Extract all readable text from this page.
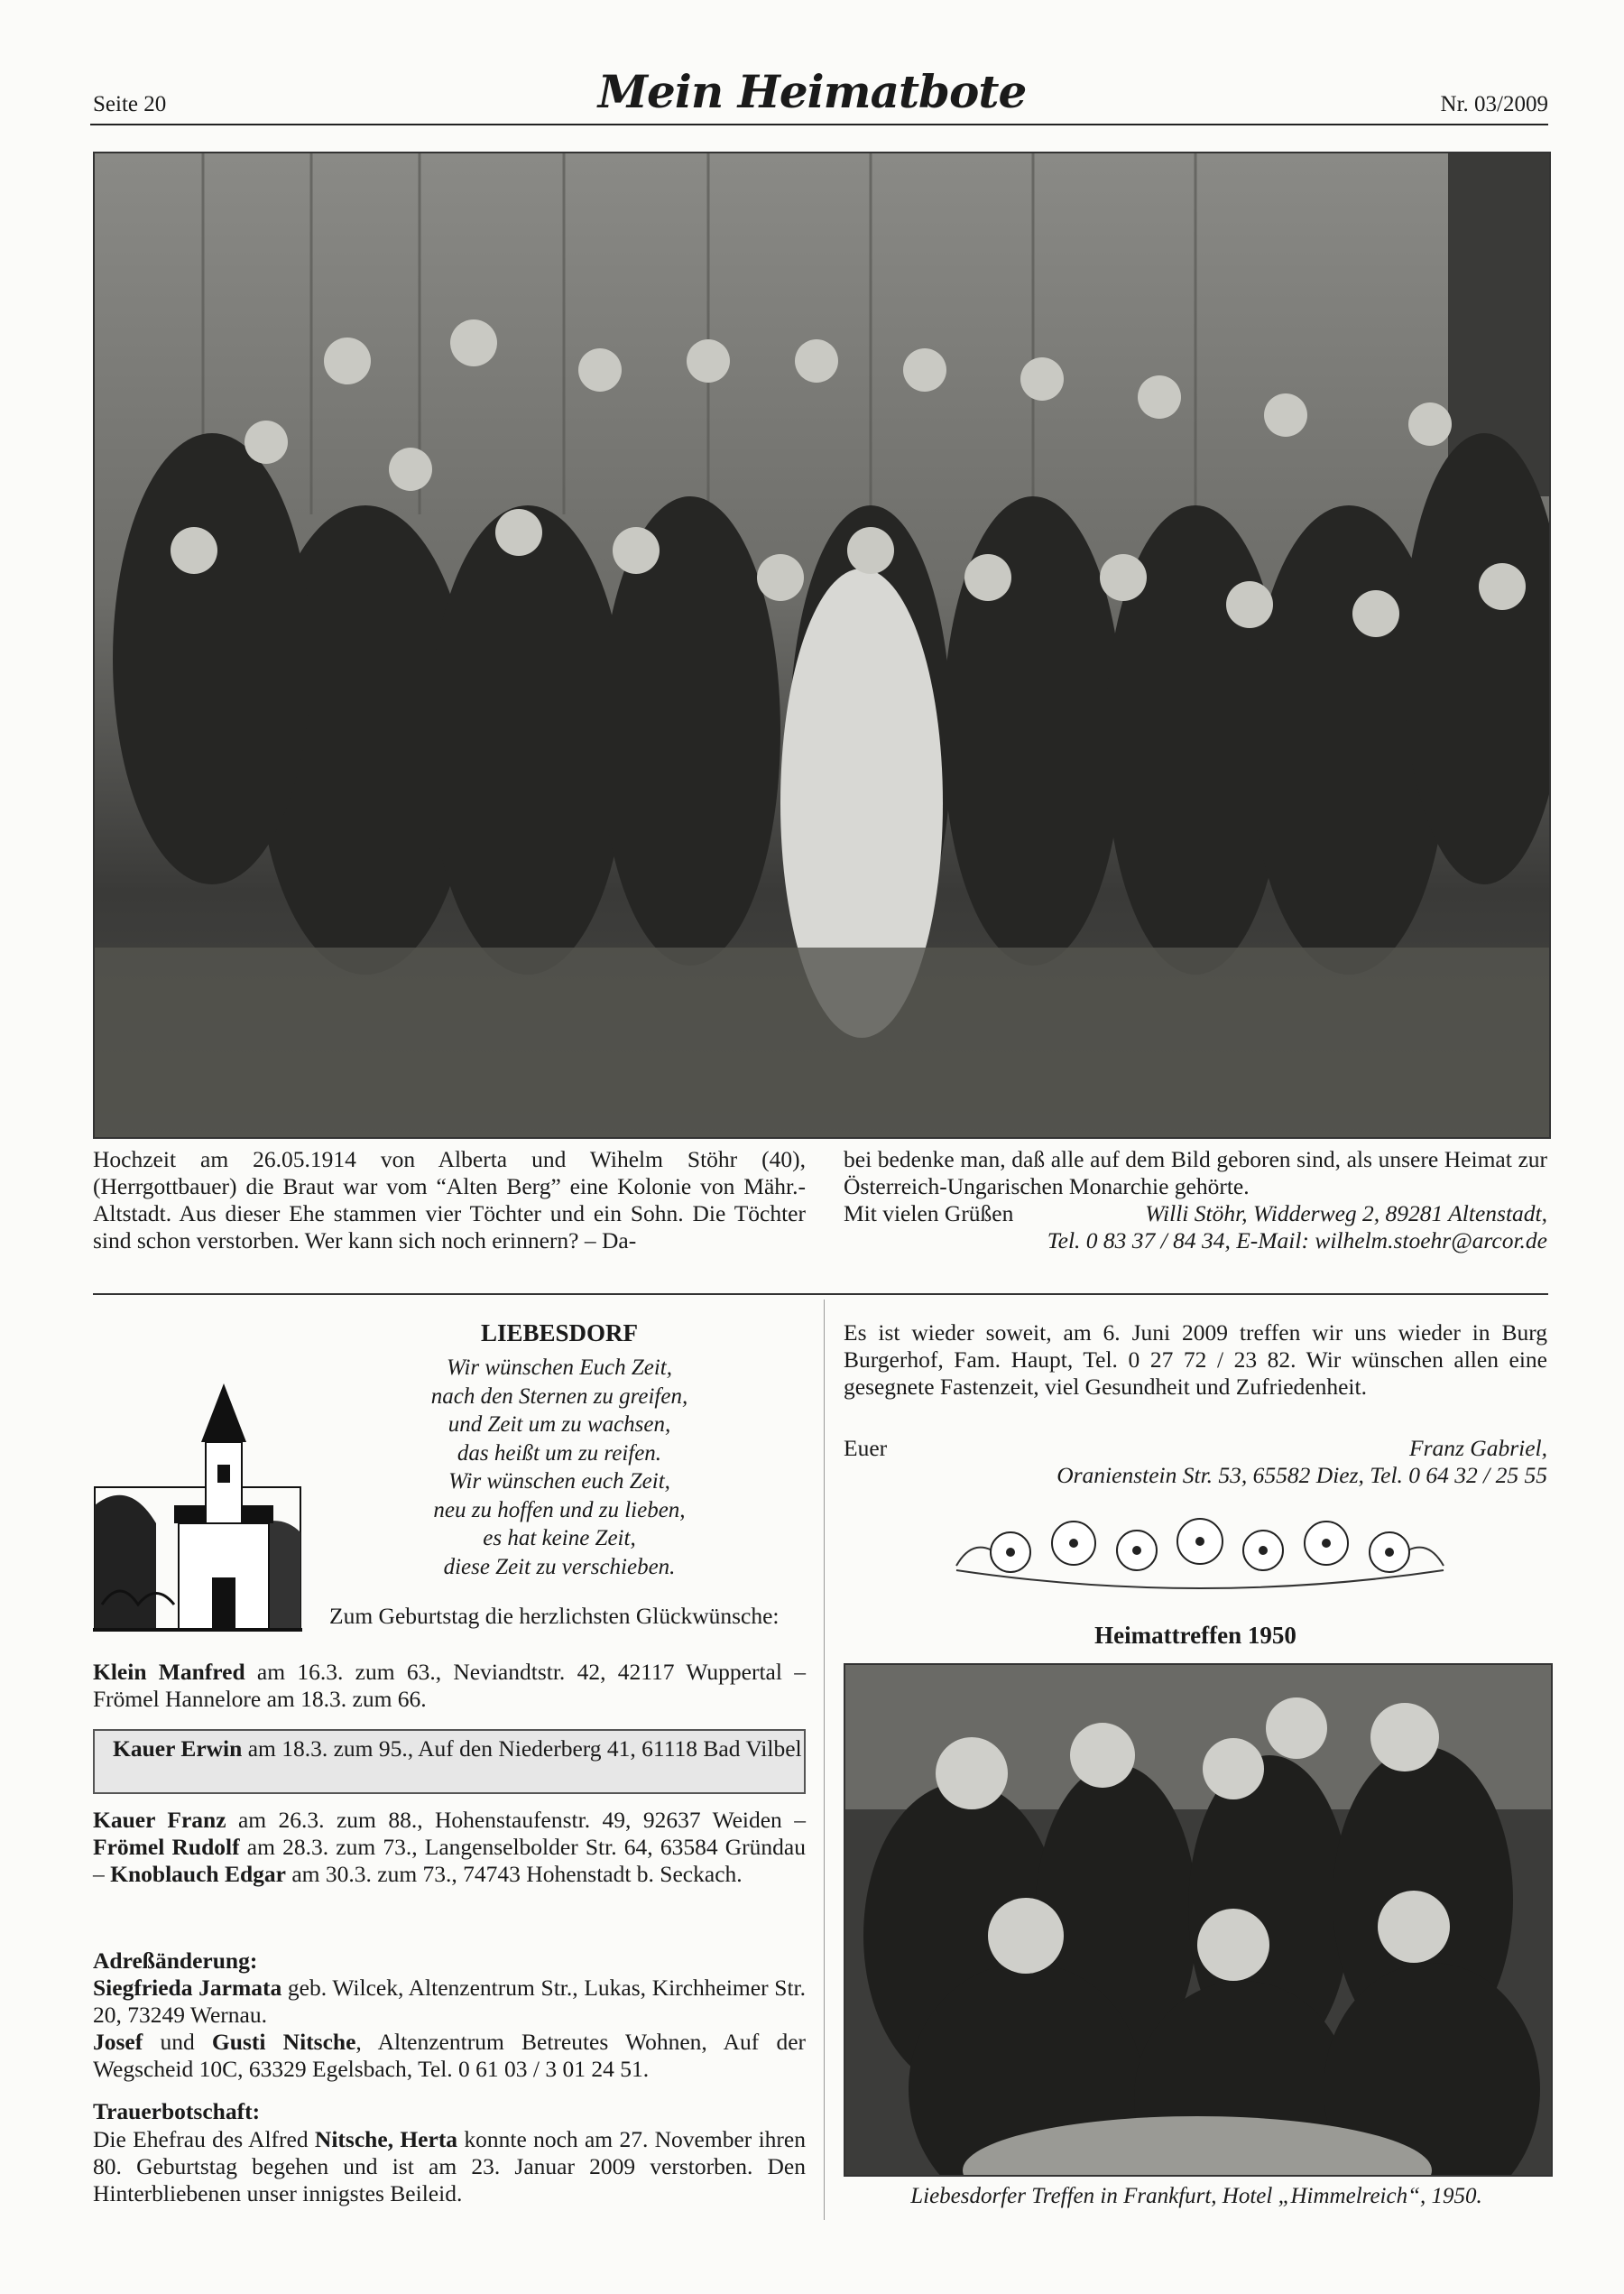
Seite 20	Mein Heimatbote	Nr. 03/2009

Hochzeit am 26.05.1914 von Alberta und Wihelm Stöhr (40), (Herrgottbauer) die Braut war vom “Alten Berg” eine Kolonie von Mähr.-Altstadt. Aus dieser Ehe stammen vier Töchter und ein Sohn. Die Töchter sind schon verstorben. Wer kann sich noch erinnern? – Da-

bei bedenke man, daß alle auf dem Bild geboren sind, als unsere Heimat zur Österreich-Ungarischen Monarchie gehörte.

Mit vielen Grüßen	Willi Stöhr, Widderweg 2, 89281 Altenstadt,
Tel. 0 83 37 / 84 34, E-Mail: wilhelm.stoehr@arcor.de
LIEBESDORF
Wir wünschen Euch Zeit,
nach den Sternen zu greifen,
und Zeit um zu wachsen,
das heißt um zu reifen.
Wir wünschen euch Zeit,
neu zu hoffen und zu lieben,
es hat keine Zeit,
diese Zeit zu verschieben.
Zum Geburtstag die herzlichsten Glückwünsche:

Klein Manfred am 16.3. zum 63., Neviandtstr. 42, 42117 Wuppertal – Frömel Hannelore am 18.3. zum 66.

Kauer Erwin am 18.3. zum 95., Auf den Niederberg 41, 61118 Bad Vilbel

Kauer Franz am 26.3. zum 88., Hohenstaufenstr. 49, 92637 Weiden – Frömel Rudolf am 28.3. zum 73., Langenselbolder Str. 64, 63584 Gründau – Knoblauch Edgar am 30.3. zum 73., 74743 Hohenstadt b. Seckach.

Adreßänderung:

Siegfrieda Jarmata geb. Wilcek, Altenzentrum Str., Lukas, Kirchheimer Str. 20, 73249 Wernau.

Josef und Gusti Nitsche, Altenzentrum Betreutes Wohnen, Auf der Wegscheid 10C, 63329 Egelsbach, Tel. 0 61 03 / 3 01 24 51.

Trauerbotschaft:

Die Ehefrau des Alfred Nitsche, Herta konnte noch am 27. November ihren 80. Geburtstag begehen und ist am 23. Januar 2009 verstorben. Den Hinterbliebenen unser innigstes Beileid.

Es ist wieder soweit, am 6. Juni 2009 treffen wir uns wieder in Burg Burgerhof, Fam. Haupt, Tel. 0 27 72 / 23 82. Wir wünschen allen eine gesegnete Fastenzeit, viel Gesundheit und Zufriedenheit.

Euer	Franz Gabriel,
Oranienstein Str. 53, 65582 Diez, Tel. 0 64 32 / 25 55
Heimattreffen 1950
Liebesdorfer Treffen in Frankfurt, Hotel „Himmelreich“, 1950.
